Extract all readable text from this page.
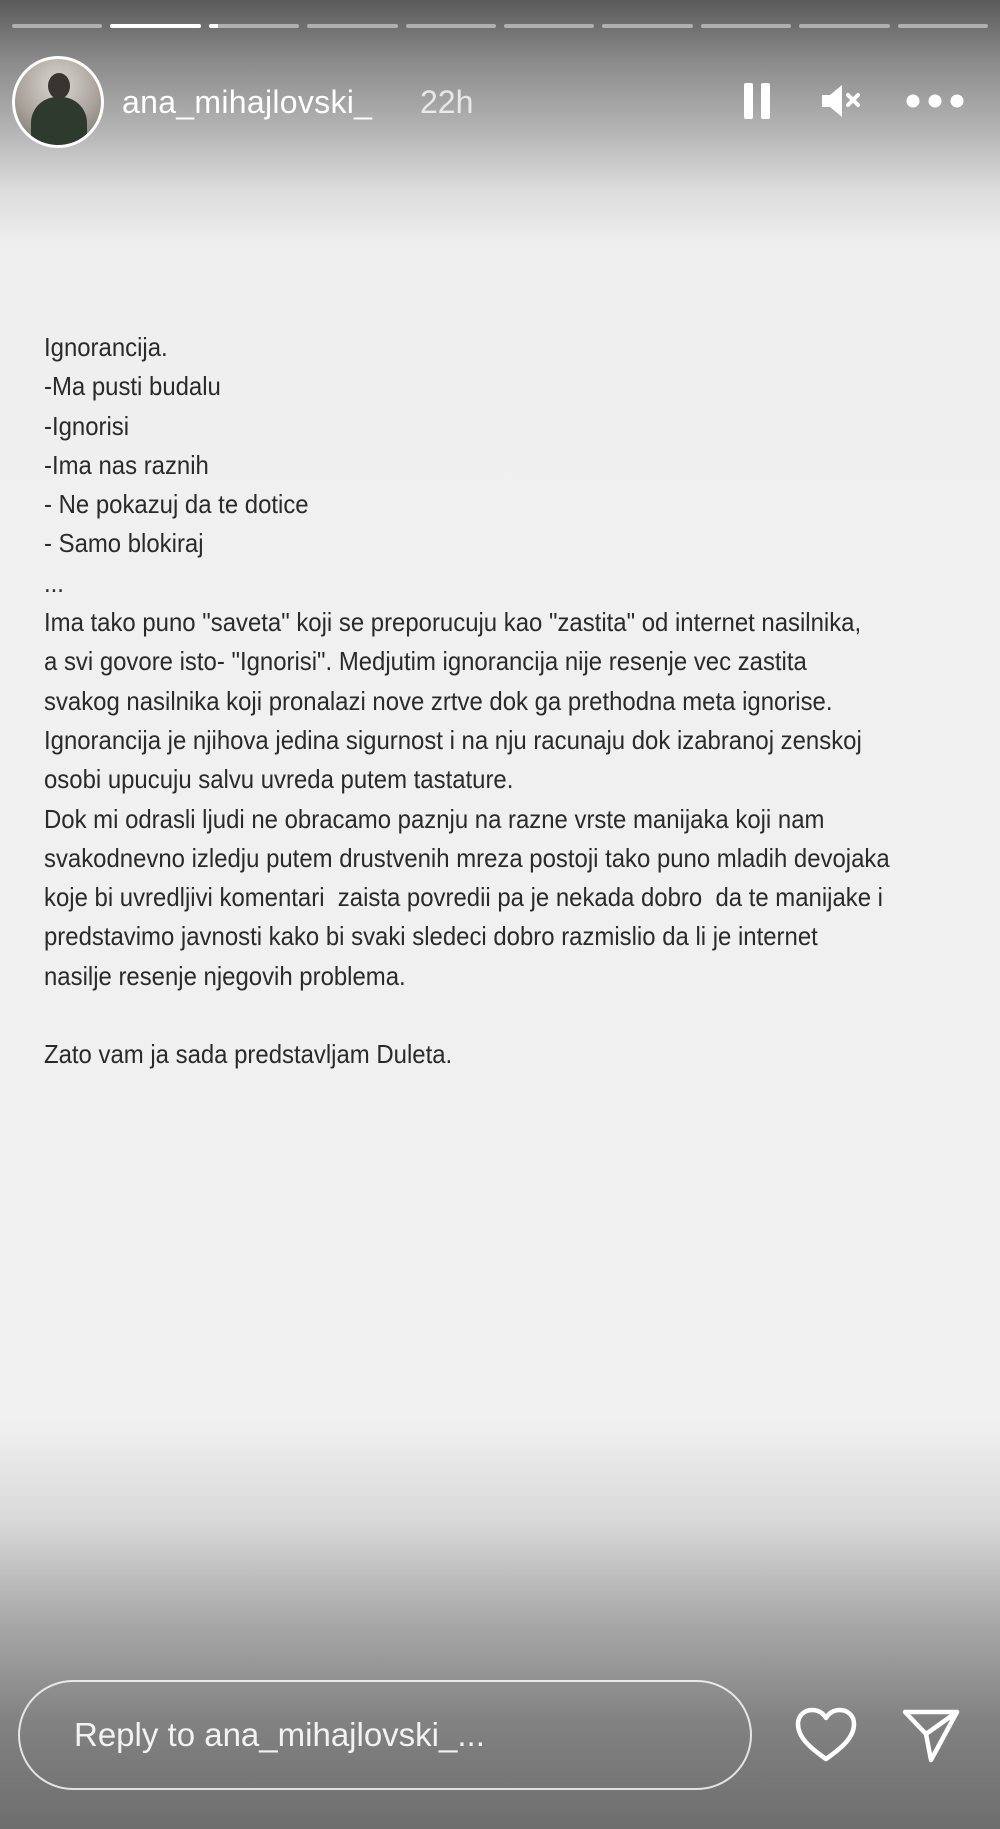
ana_mihajlovski_ 22h
Ignorancija.
-Ma pusti budalu
-Ignorisi
-Ima nas raznih
- Ne pokazuj da te dotice
- Samo blokiraj
...
Ima tako puno "saveta" koji se preporucuju kao "zastita" od internet nasilnika,
a svi govore isto- "Ignorisi". Medjutim ignorancija nije resenje vec zastita
svakog nasilnika koji pronalazi nove zrtve dok ga prethodna meta ignorise.
Ignorancija je njihova jedina sigurnost i na nju racunaju dok izabranoj zenskoj
osobi upucuju salvu uvreda putem tastature.
Dok mi odrasli ljudi ne obracamo paznju na razne vrste manijaka koji nam
svakodnevno izledju putem drustvenih mreza postoji tako puno mladih devojaka
koje bi uvredljivi komentari  zaista povredii pa je nekada dobro  da te manijake i
predstavimo javnosti kako bi svaki sledeci dobro razmislio da li je internet
nasilje resenje njegovih problema.
Zato vam ja sada predstavljam Duleta.
Reply to ana_mihajlovski_...
